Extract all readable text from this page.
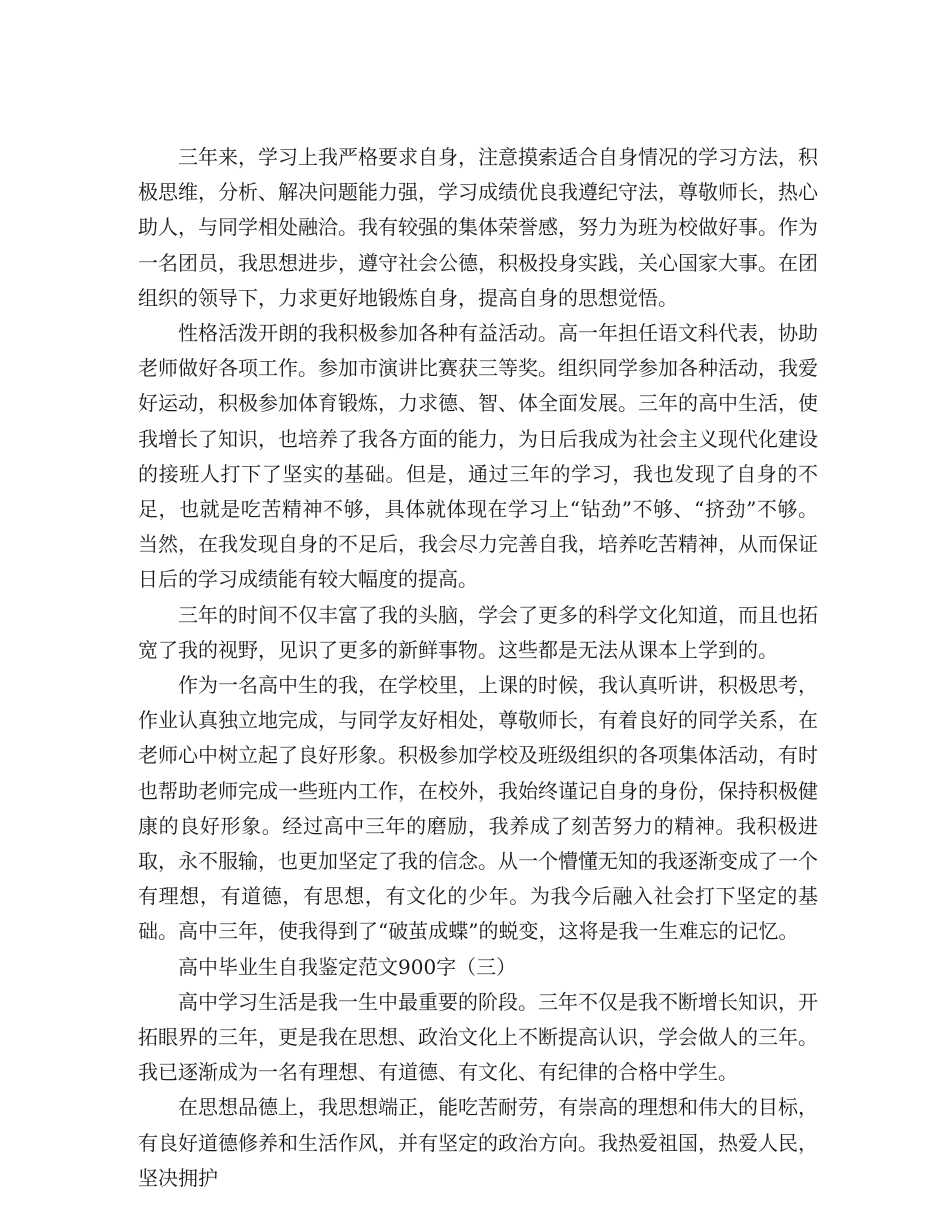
三年来，学习上我严格要求自身，注意摸索适合自身情况的学习方法，积极思维，分析、解决问题能力强，学习成绩优良我遵纪守法，尊敬师长，热心助人，与同学相处融洽。我有较强的集体荣誉感，努力为班为校做好事。作为一名团员，我思想进步，遵守社会公德，积极投身实践，关心国家大事。在团组织的领导下，力求更好地锻炼自身，提高自身的思想觉悟。

性格活泼开朗的我积极参加各种有益活动。高一年担任语文科代表，协助老师做好各项工作。参加市演讲比赛获三等奖。组织同学参加各种活动，我爱好运动，积极参加体育锻炼，力求德、智、体全面发展。三年的高中生活，使我增长了知识，也培养了我各方面的能力，为日后我成为社会主义现代化建设的接班人打下了坚实的基础。但是，通过三年的学习，我也发现了自身的不足，也就是吃苦精神不够，具体就体现在学习上“钻劲”不够、“挤劲”不够。当然，在我发现自身的不足后，我会尽力完善自我，培养吃苦精神，从而保证日后的学习成绩能有较大幅度的提高。

三年的时间不仅丰富了我的头脑，学会了更多的科学文化知道，而且也拓宽了我的视野，见识了更多的新鲜事物。这些都是无法从课本上学到的。

作为一名高中生的我，在学校里，上课的时候，我认真听讲，积极思考，作业认真独立地完成，与同学友好相处，尊敬师长，有着良好的同学关系，在老师心中树立起了良好形象。积极参加学校及班级组织的各项集体活动，有时也帮助老师完成一些班内工作，在校外，我始终谨记自身的身份，保持积极健康的良好形象。经过高中三年的磨励，我养成了刻苦努力的精神。我积极进取，永不服输，也更加坚定了我的信念。从一个懵懂无知的我逐渐变成了一个有理想，有道德，有思想，有文化的少年。为我今后融入社会打下坚定的基础。高中三年，使我得到了“破茧成蝶”的蜕变，这将是我一生难忘的记忆。

高中毕业生自我鉴定范文900字（三）

高中学习生活是我一生中最重要的阶段。三年不仅是我不断增长知识，开拓眼界的三年，更是我在思想、政治文化上不断提高认识，学会做人的三年。我已逐渐成为一名有理想、有道德、有文化、有纪律的合格中学生。

在思想品德上，我思想端正，能吃苦耐劳，有崇高的理想和伟大的目标，有良好道德修养和生活作风，并有坚定的政治方向。我热爱祖国，热爱人民，坚决拥护
